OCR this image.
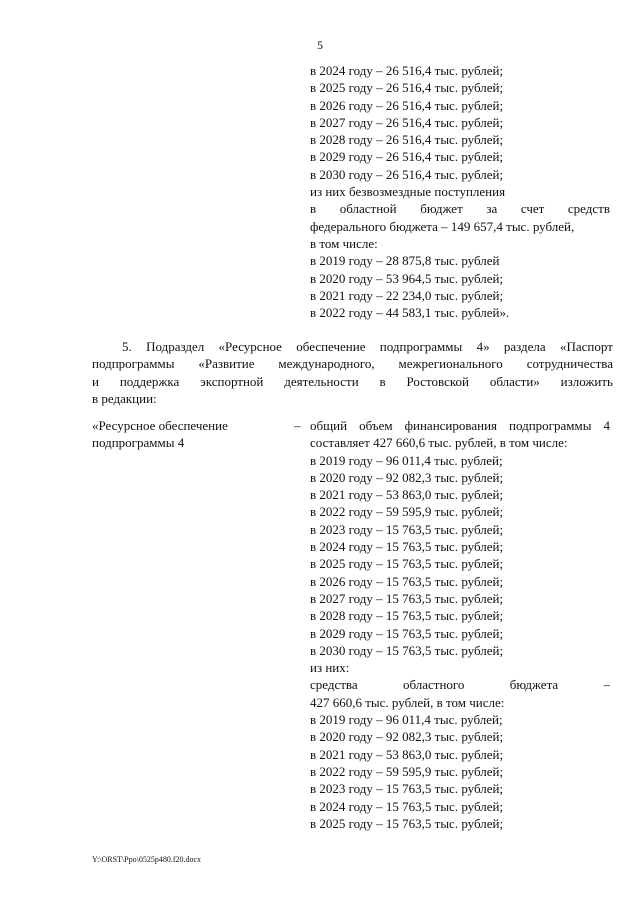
5
в 2024 году – 26 516,4 тыс. рублей;
в 2025 году – 26 516,4 тыс. рублей;
в 2026 году – 26 516,4 тыс. рублей;
в 2027 году – 26 516,4 тыс. рублей;
в 2028 году – 26 516,4 тыс. рублей;
в 2029 году – 26 516,4 тыс. рублей;
в 2030 году – 26 516,4 тыс. рублей;
из них безвозмездные поступления
в областной бюджет за счет средств
федерального бюджета – 149 657,4 тыс. рублей,
в том числе:
в 2019 году – 28 875,8 тыс. рублей
в 2020 году – 53 964,5 тыс. рублей;
в 2021 году – 22 234,0 тыс. рублей;
в 2022 году – 44 583,1 тыс. рублей».
5. Подраздел «Ресурсное обеспечение подпрограммы 4» раздела «Паспорт
подпрограммы «Развитие международного, межрегионального сотрудничества
и поддержка экспортной деятельности в Ростовской области» изложить
в редакции:
«Ресурсное обеспечение
подпрограммы 4
– общий объем финансирования подпрограммы 4
составляет 427 660,6 тыс. рублей, в том числе:
в 2019 году – 96 011,4 тыс. рублей;
в 2020 году – 92 082,3 тыс. рублей;
в 2021 году – 53 863,0 тыс. рублей;
в 2022 году – 59 595,9 тыс. рублей;
в 2023 году – 15 763,5 тыс. рублей;
в 2024 году – 15 763,5 тыс. рублей;
в 2025 году – 15 763,5 тыс. рублей;
в 2026 году – 15 763,5 тыс. рублей;
в 2027 году – 15 763,5 тыс. рублей;
в 2028 году – 15 763,5 тыс. рублей;
в 2029 году – 15 763,5 тыс. рублей;
в 2030 году – 15 763,5 тыс. рублей;
из них:
средства	областного	бюджета	–
427 660,6 тыс. рублей, в том числе:
в 2019 году – 96 011,4 тыс. рублей;
в 2020 году – 92 082,3 тыс. рублей;
в 2021 году – 53 863,0 тыс. рублей;
в 2022 году – 59 595,9 тыс. рублей;
в 2023 году – 15 763,5 тыс. рублей;
в 2024 году – 15 763,5 тыс. рублей;
в 2025 году – 15 763,5 тыс. рублей;
Y:\ORST\Ppo\0525p480.f20.docx
